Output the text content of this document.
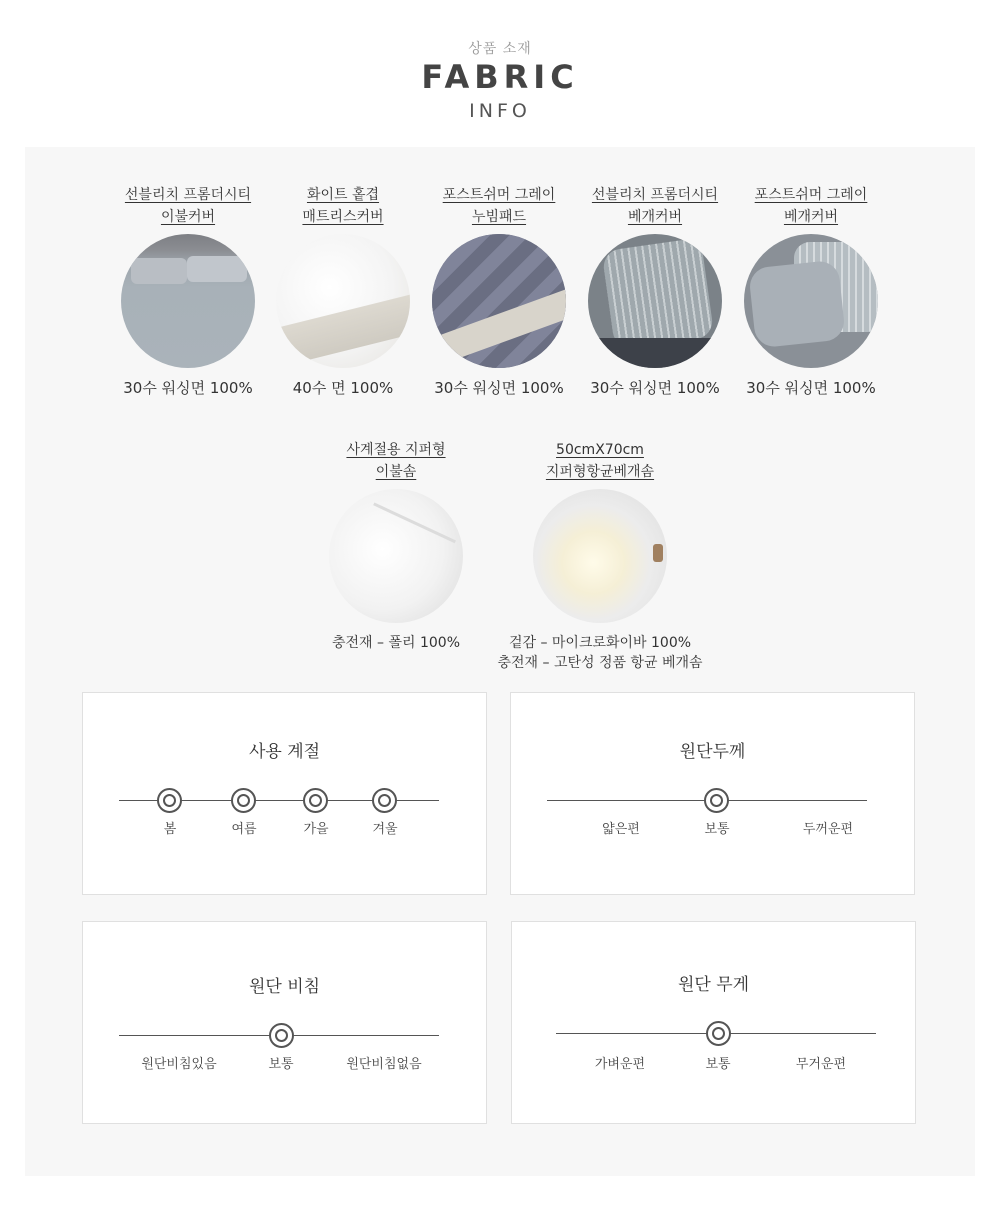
상품 소재
FABRIC
INFO
선블리치 프롬더시티
이불커버
30수 워싱면 100%
화이트 홑겹
매트리스커버
40수 면 100%
포스트쉬머 그레이
누빔패드
30수 워싱면 100%
선블리치 프롬더시티
베개커버
30수 워싱면 100%
포스트쉬머 그레이
베개커버
30수 워싱면 100%
사계절용 지퍼형
이불솜
충전재 – 폴리 100%
50cmX70cm
지퍼형항균베개솜
겉감 – 마이크로화이바 100%
충전재 – 고탄성 정품 항균 베개솜
사용 계절
봄	여름	가을	겨울
원단두께
얇은편	보통	두꺼운편
원단 비침
원단비침있음	보통	원단비침없음
원단 무게
가벼운편	보통	무거운편
